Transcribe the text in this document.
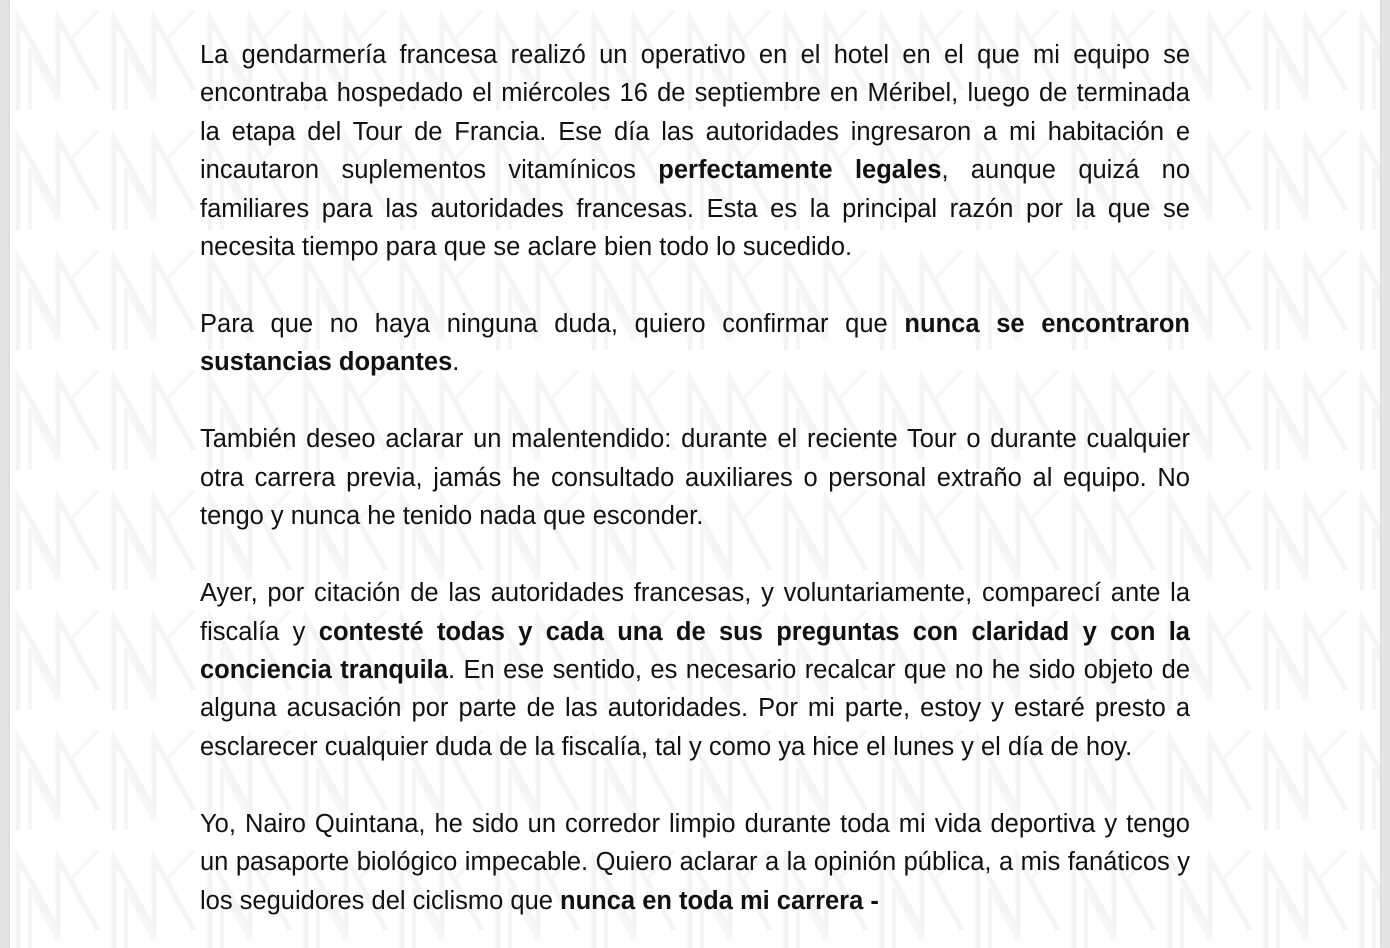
La gendarmería francesa realizó un operativo en el hotel en el que mi equipo se encontraba hospedado el miércoles 16 de septiembre en Méribel, luego de terminada la etapa del Tour de Francia. Ese día las autoridades ingresaron a mi habitación e incautaron suplementos vitamínicos perfectamente legales, aunque quizá no familiares para las autoridades francesas. Esta es la principal razón por la que se necesita tiempo para que se aclare bien todo lo sucedido.

Para que no haya ninguna duda, quiero confirmar que nunca se encontraron sustancias dopantes.

También deseo aclarar un malentendido: durante el reciente Tour o durante cualquier otra carrera previa, jamás he consultado auxiliares o personal extraño al equipo. No tengo y nunca he tenido nada que esconder.

Ayer, por citación de las autoridades francesas, y voluntariamente, comparecí ante la fiscalía y contesté todas y cada una de sus preguntas con claridad y con la conciencia tranquila. En ese sentido, es necesario recalcar que no he sido objeto de alguna acusación por parte de las autoridades. Por mi parte, estoy y estaré presto a esclarecer cualquier duda de la fiscalía, tal y como ya hice el lunes y el día de hoy.

Yo, Nairo Quintana, he sido un corredor limpio durante toda mi vida deportiva y tengo un pasaporte biológico impecable. Quiero aclarar a la opinión pública, a mis fanáticos y los seguidores del ciclismo que nunca en toda mi carrera -
